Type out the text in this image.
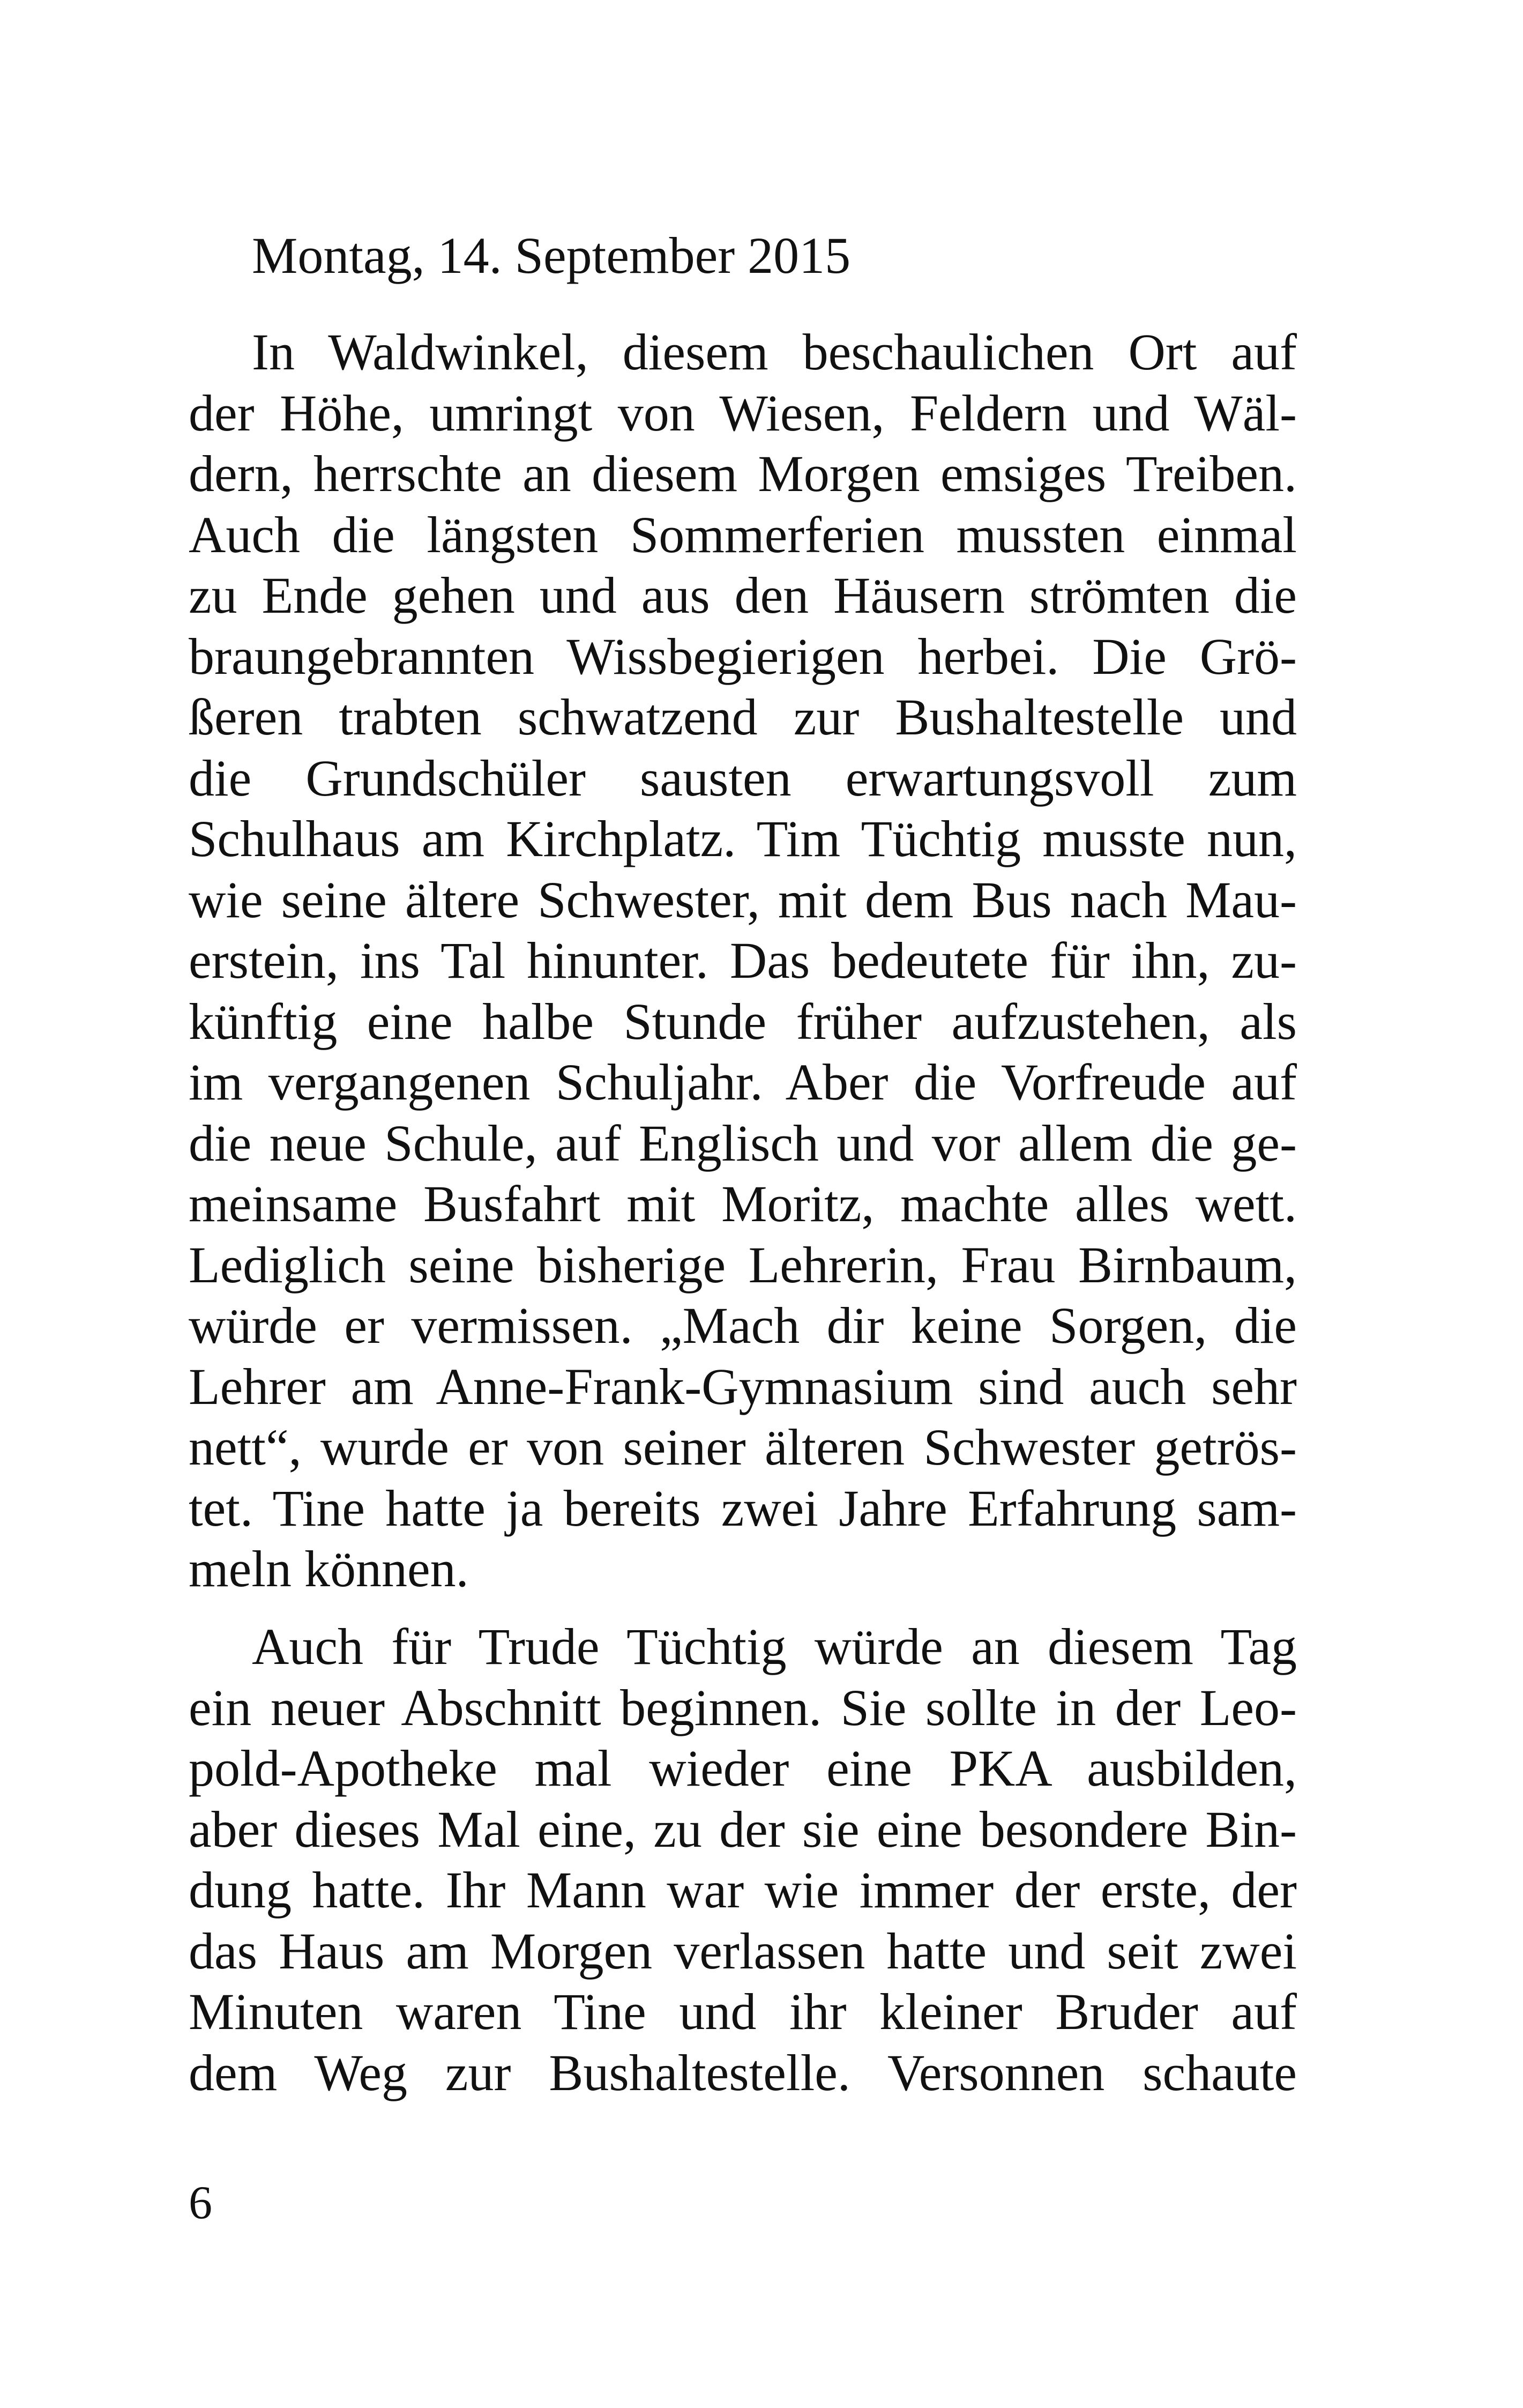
Montag, 14. September 2015
In Waldwinkel, diesem beschaulichen Ort auf
der Höhe, umringt von Wiesen, Feldern und Wäl-
dern, herrschte an diesem Morgen emsiges Treiben.
Auch die längsten Sommerferien mussten einmal
zu Ende gehen und aus den Häusern strömten die
braungebrannten Wissbegierigen herbei. Die Grö-
ßeren trabten schwatzend zur Bushaltestelle und
die Grundschüler sausten erwartungsvoll zum
Schulhaus am Kirchplatz. Tim Tüchtig musste nun,
wie seine ältere Schwester, mit dem Bus nach Mau-
erstein, ins Tal hinunter. Das bedeutete für ihn, zu-
künftig eine halbe Stunde früher aufzustehen, als
im vergangenen Schuljahr. Aber die Vorfreude auf
die neue Schule, auf Englisch und vor allem die ge-
meinsame Busfahrt mit Moritz, machte alles wett.
Lediglich seine bisherige Lehrerin, Frau Birnbaum,
würde er vermissen. „Mach dir keine Sorgen, die
Lehrer am Anne-Frank-Gymnasium sind auch sehr
nett“, wurde er von seiner älteren Schwester getrös-
tet. Tine hatte ja bereits zwei Jahre Erfahrung sam-
meln können.
Auch für Trude Tüchtig würde an diesem Tag
ein neuer Abschnitt beginnen. Sie sollte in der Leo-
pold-Apotheke mal wieder eine PKA ausbilden,
aber dieses Mal eine, zu der sie eine besondere Bin-
dung hatte. Ihr Mann war wie immer der erste, der
das Haus am Morgen verlassen hatte und seit zwei
Minuten waren Tine und ihr kleiner Bruder auf
dem Weg zur Bushaltestelle. Versonnen schaute
6
